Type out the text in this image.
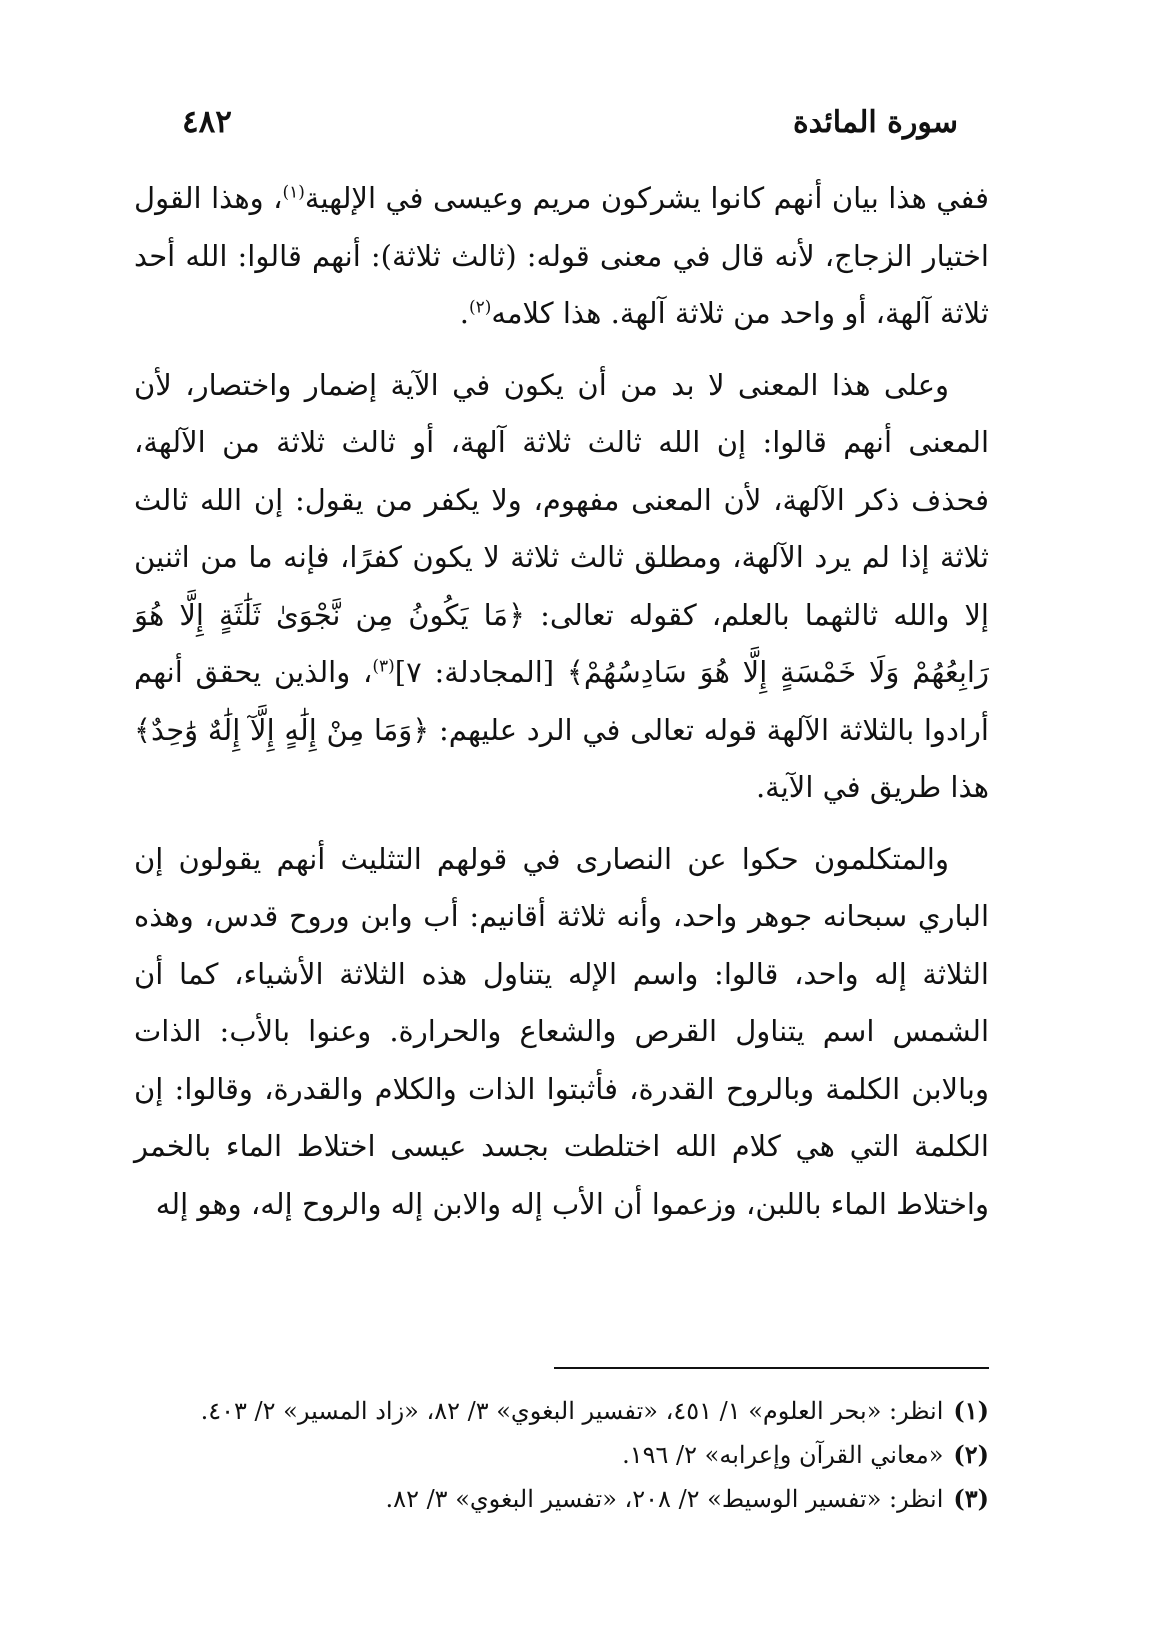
سورة المائدة
٤٨٢

ففي هذا بيان أنهم كانوا يشركون مريم وعيسى في الإلهية$^{(١)}$، وهذا القول اختيار الزجاج، لأنه قال في معنى قوله: (ثالث ثلاثة): أنهم قالوا: الله أحد ثلاثة آلهة، أو واحد من ثلاثة آلهة. هذا كلامه$^{(٢)}$.

وعلى هذا المعنى لا بد من أن يكون في الآية إضمار واختصار، لأن المعنى أنهم قالوا: إن الله ثالث ثلاثة آلهة، أو ثالث ثلاثة من الآلهة، فحذف ذكر الآلهة، لأن المعنى مفهوم، ولا يكفر من يقول: إن الله ثالث ثلاثة إذا لم يرد الآلهة، ومطلق ثالث ثلاثة لا يكون كفرًا، فإنه ما من اثنين إلا والله ثالثهما بالعلم، كقوله تعالى: ﴿مَا يَكُونُ مِن نَّجْوَىٰ ثَلَٰثَةٍ إِلَّا هُوَ رَابِعُهُمْ وَلَا خَمْسَةٍ إِلَّا هُوَ سَادِسُهُمْ﴾ [المجادلة: ٧]$^{(٣)}$، والذين يحقق أنهم أرادوا بالثلاثة الآلهة قوله تعالى في الرد عليهم: ﴿وَمَا مِنْ إِلَٰهٍ إِلَّآ إِلَٰهٌ وَٰحِدٌ﴾ هذا طريق في الآية.

والمتكلمون حكوا عن النصارى في قولهم التثليث أنهم يقولون إن الباري سبحانه جوهر واحد، وأنه ثلاثة أقانيم: أب وابن وروح قدس، وهذه الثلاثة إله واحد، قالوا: واسم الإله يتناول هذه الثلاثة الأشياء، كما أن الشمس اسم يتناول القرص والشعاع والحرارة. وعنوا بالأب: الذات وبالابن الكلمة وبالروح القدرة، فأثبتوا الذات والكلام والقدرة، وقالوا: إن الكلمة التي هي كلام الله اختلطت بجسد عيسى اختلاط الماء بالخمر واختلاط الماء باللبن، وزعموا أن الأب إله والابن إله والروح إله، وهو إله

(١)انظر: «بحر العلوم» ١/ ٤٥١، «تفسير البغوي» ٣/ ٨٢، «زاد المسير» ٢/ ٤٠٣.
(٢)«معاني القرآن وإعرابه» ٢/ ١٩٦.
(٣)انظر: «تفسير الوسيط» ٢/ ٢٠٨، «تفسير البغوي» ٣/ ٨٢.
